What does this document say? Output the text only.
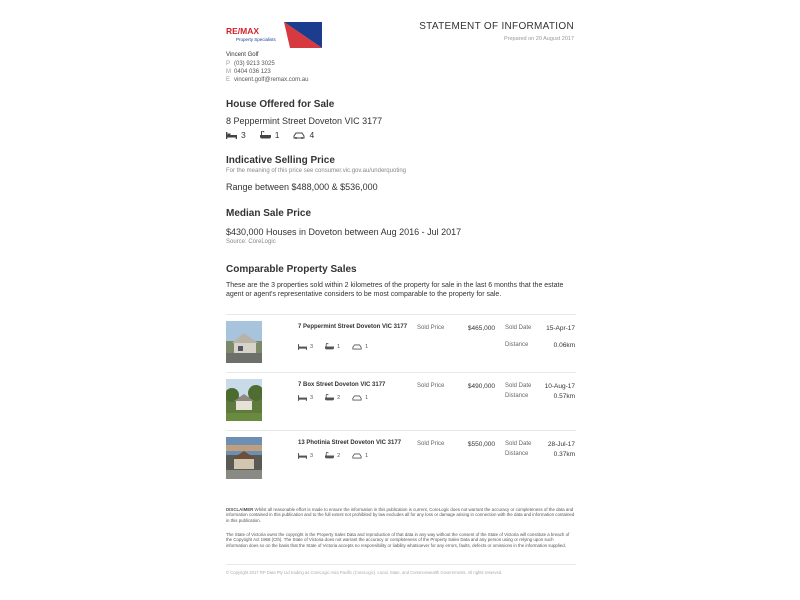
RE/MAX
Property Specialists
Vincent Golf
P (03) 9213 3025
M 0404 036 123
E vincent.golf@remax.com.au
STATEMENT OF INFORMATION
Prepared on 20 August 2017
House Offered for Sale
8 Peppermint Street Doveton VIC 3177
3	1	4
Indicative Selling Price
For the meaning of this price see consumer.vic.gov.au/underquoting
Range between $488,000 & $536,000
Median Sale Price
$430,000 Houses in Doveton between Aug 2016 - Jul 2017
Source: CoreLogic
Comparable Property Sales
These are the 3 properties sold within 2 kilometres of the property for sale in the last 6 months that the estate agent or agent's representative considers to be most comparable to the property for sale.
7 Peppermint Street Doveton VIC 3177
3	1	1
Sold Price	$465,000 Sold Date	15-Apr-17
Distance	0.06km
7 Box Street Doveton VIC 3177
3	2	1
Sold Price	$490,000 Sold Date	10-Aug-17
Distance	0.57km
13 Photinia Street Doveton VIC 3177
3	2	1
Sold Price	$550,000 Sold Date	28-Jul-17
Distance	0.37km
DISCLAIMER Whilst all reasonable effort is made to ensure the information in this publication is current, CoreLogic does not warrant the accuracy or completeness of the data and information contained in this publication and to the full extent not prohibited by law excludes all for any loss or damage arising in connection with the data and information contained in this publication.
The State of Victoria owns the copyright in the Property Sales Data and reproduction of that data in any way without the consent of the State of Victoria will constitute a breach of the Copyright Act 1968 (Cth). The State of Victoria does not warrant the accuracy or completeness of the Property Sales Data and any person using or relying upon such information does so on the basis that the State of Victoria accepts no responsibility or liability whatsoever for any errors, faults, defects or omissions in the information supplied.
© Copyright 2017 RP Data Pty Ltd trading as CoreLogic Asia Pacific (CoreLogic). Local, State, and Commonwealth Governments. All rights reserved.
